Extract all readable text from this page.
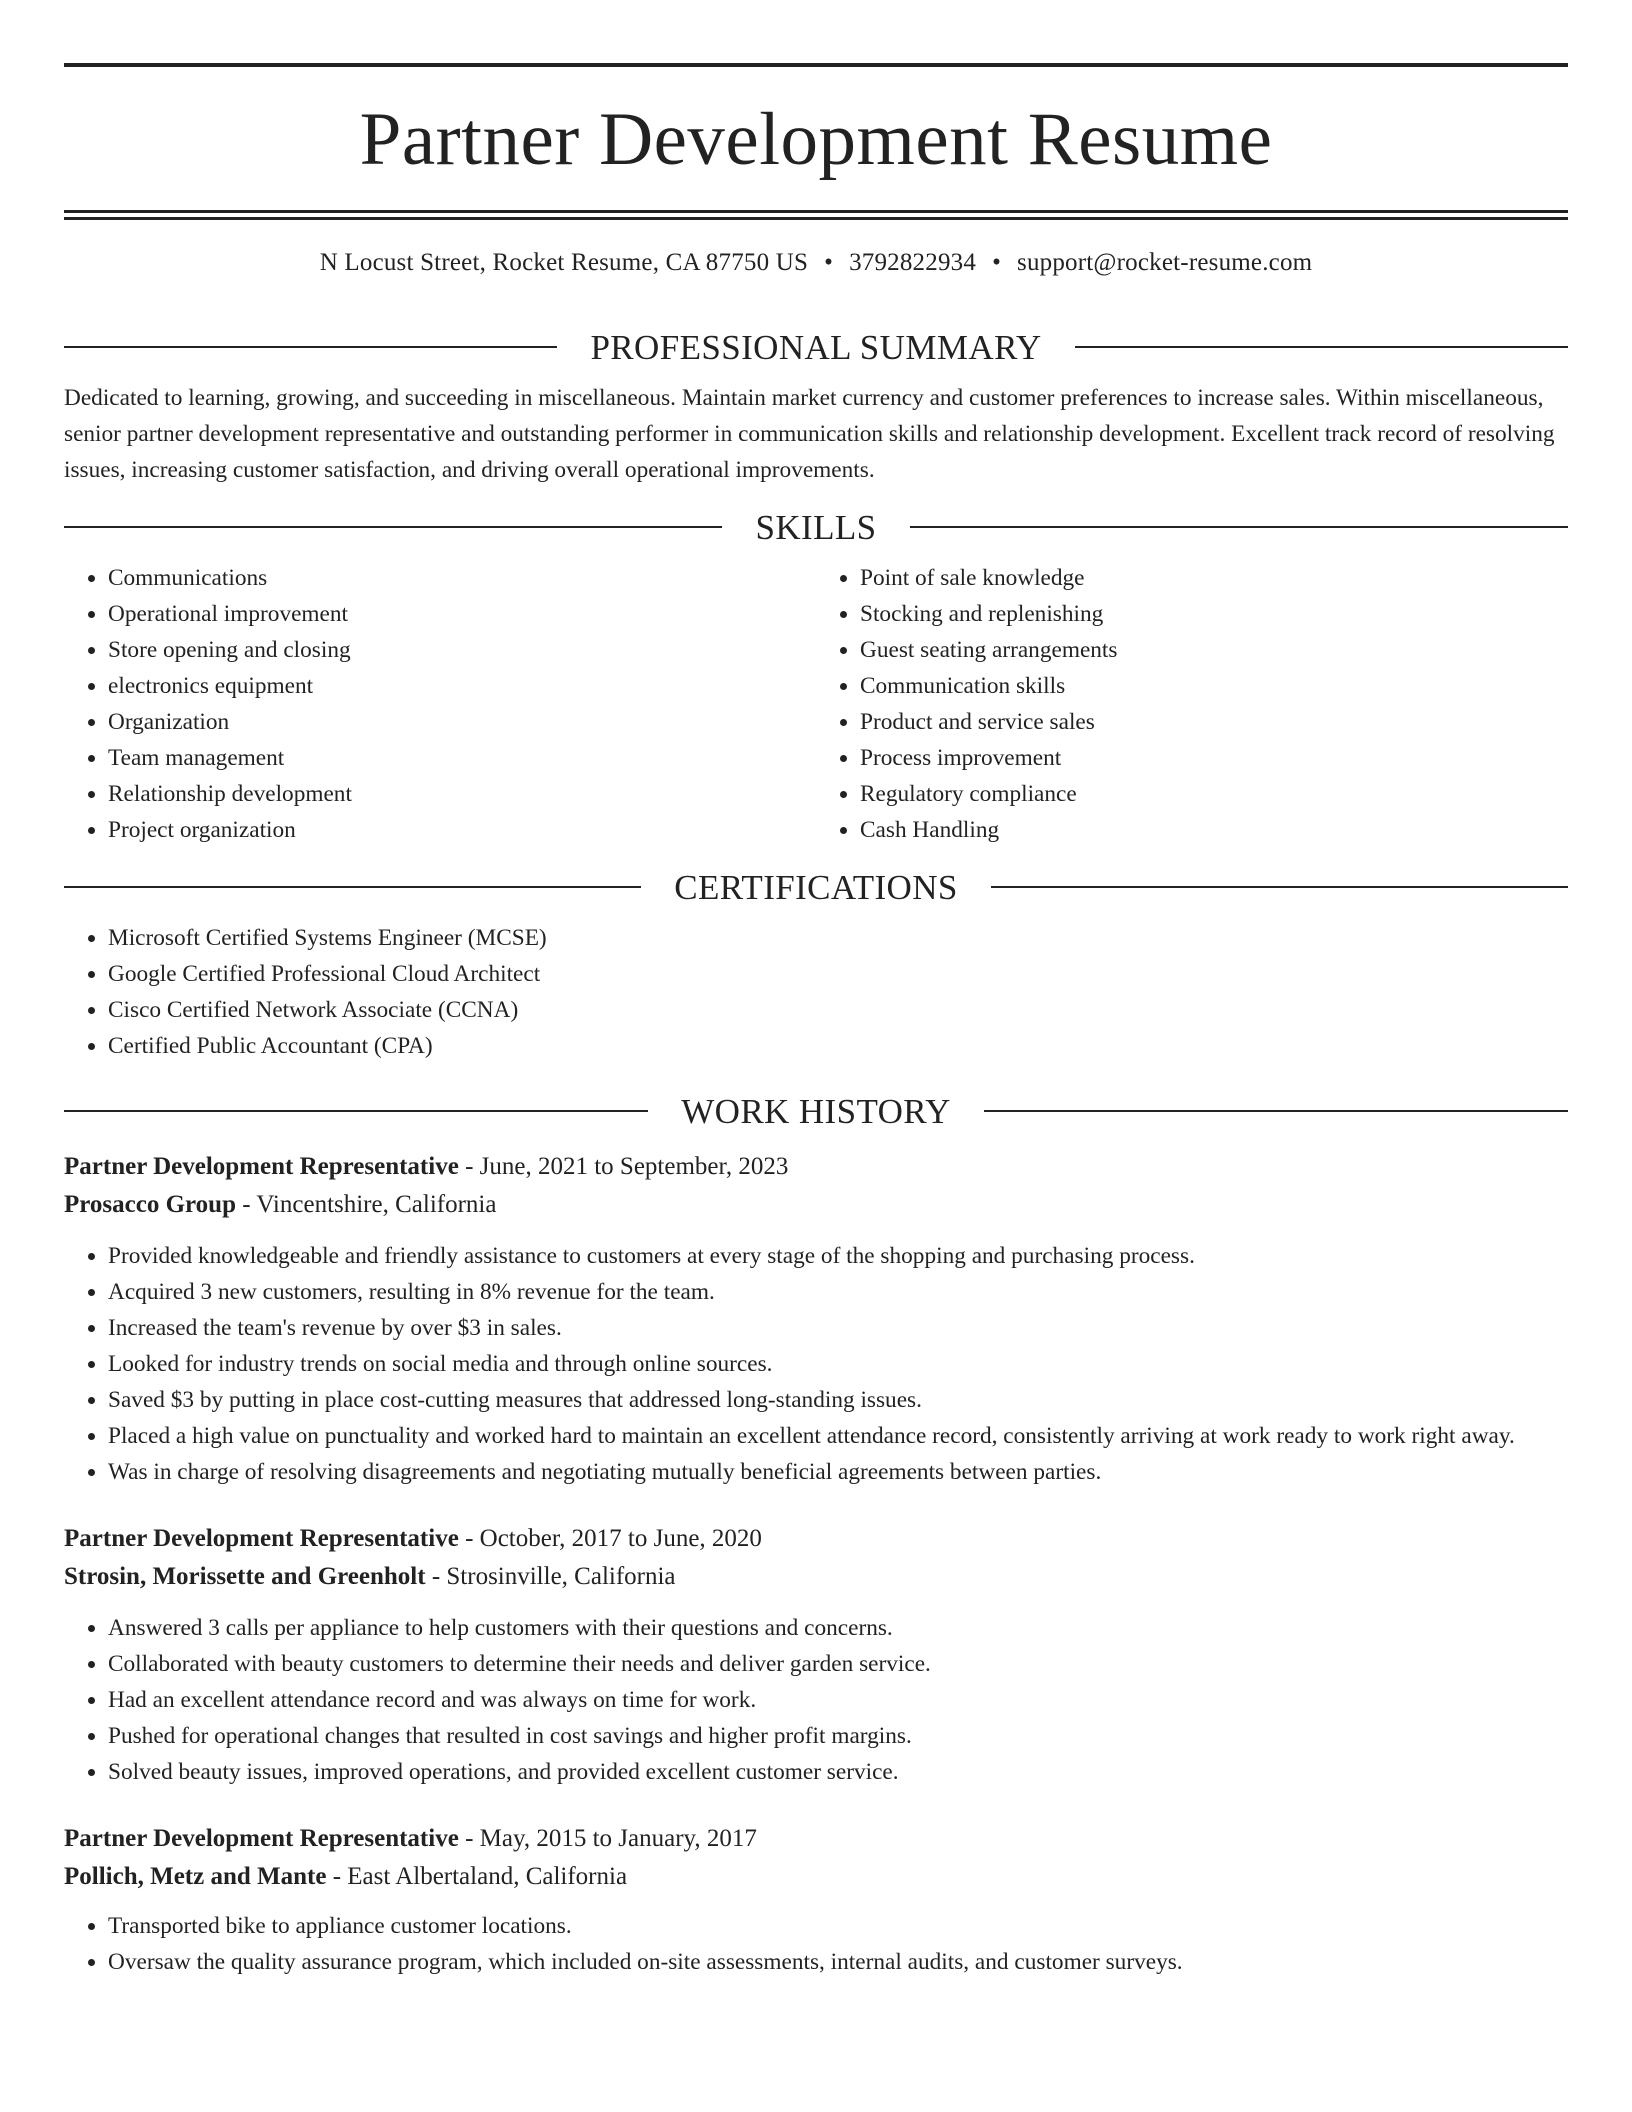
Partner Development Resume
N Locust Street, Rocket Resume, CA 87750 US • 3792822934 • support@rocket-resume.com
PROFESSIONAL SUMMARY

Dedicated to learning, growing, and succeeding in miscellaneous. Maintain market currency and customer preferences to increase sales. Within miscellaneous, senior partner development representative and outstanding performer in communication skills and relationship development. Excellent track record of resolving issues, increasing customer satisfaction, and driving overall operational improvements.

SKILLS
• Communications
• Operational improvement
• Store opening and closing
• electronics equipment
• Organization
• Team management
• Relationship development
• Project organization
• Point of sale knowledge
• Stocking and replenishing
• Guest seating arrangements
• Communication skills
• Product and service sales
• Process improvement
• Regulatory compliance
• Cash Handling
CERTIFICATIONS
• Microsoft Certified Systems Engineer (MCSE)
• Google Certified Professional Cloud Architect
• Cisco Certified Network Associate (CCNA)
• Certified Public Accountant (CPA)
WORK HISTORY

Partner Development Representative - June, 2021 to September, 2023

Prosacco Group - Vincentshire, California

• Provided knowledgeable and friendly assistance to customers at every stage of the shopping and purchasing process.
• Acquired 3 new customers, resulting in 8% revenue for the team.
• Increased the team's revenue by over $3 in sales.
• Looked for industry trends on social media and through online sources.
• Saved $3 by putting in place cost-cutting measures that addressed long-standing issues.
• Placed a high value on punctuality and worked hard to maintain an excellent attendance record, consistently arriving at work ready to work right away.
• Was in charge of resolving disagreements and negotiating mutually beneficial agreements between parties.

Partner Development Representative - October, 2017 to June, 2020

Strosin, Morissette and Greenholt - Strosinville, California

• Answered 3 calls per appliance to help customers with their questions and concerns.
• Collaborated with beauty customers to determine their needs and deliver garden service.
• Had an excellent attendance record and was always on time for work.
• Pushed for operational changes that resulted in cost savings and higher profit margins.
• Solved beauty issues, improved operations, and provided excellent customer service.

Partner Development Representative - May, 2015 to January, 2017

Pollich, Metz and Mante - East Albertaland, California

• Transported bike to appliance customer locations.
• Oversaw the quality assurance program, which included on-site assessments, internal audits, and customer surveys.
